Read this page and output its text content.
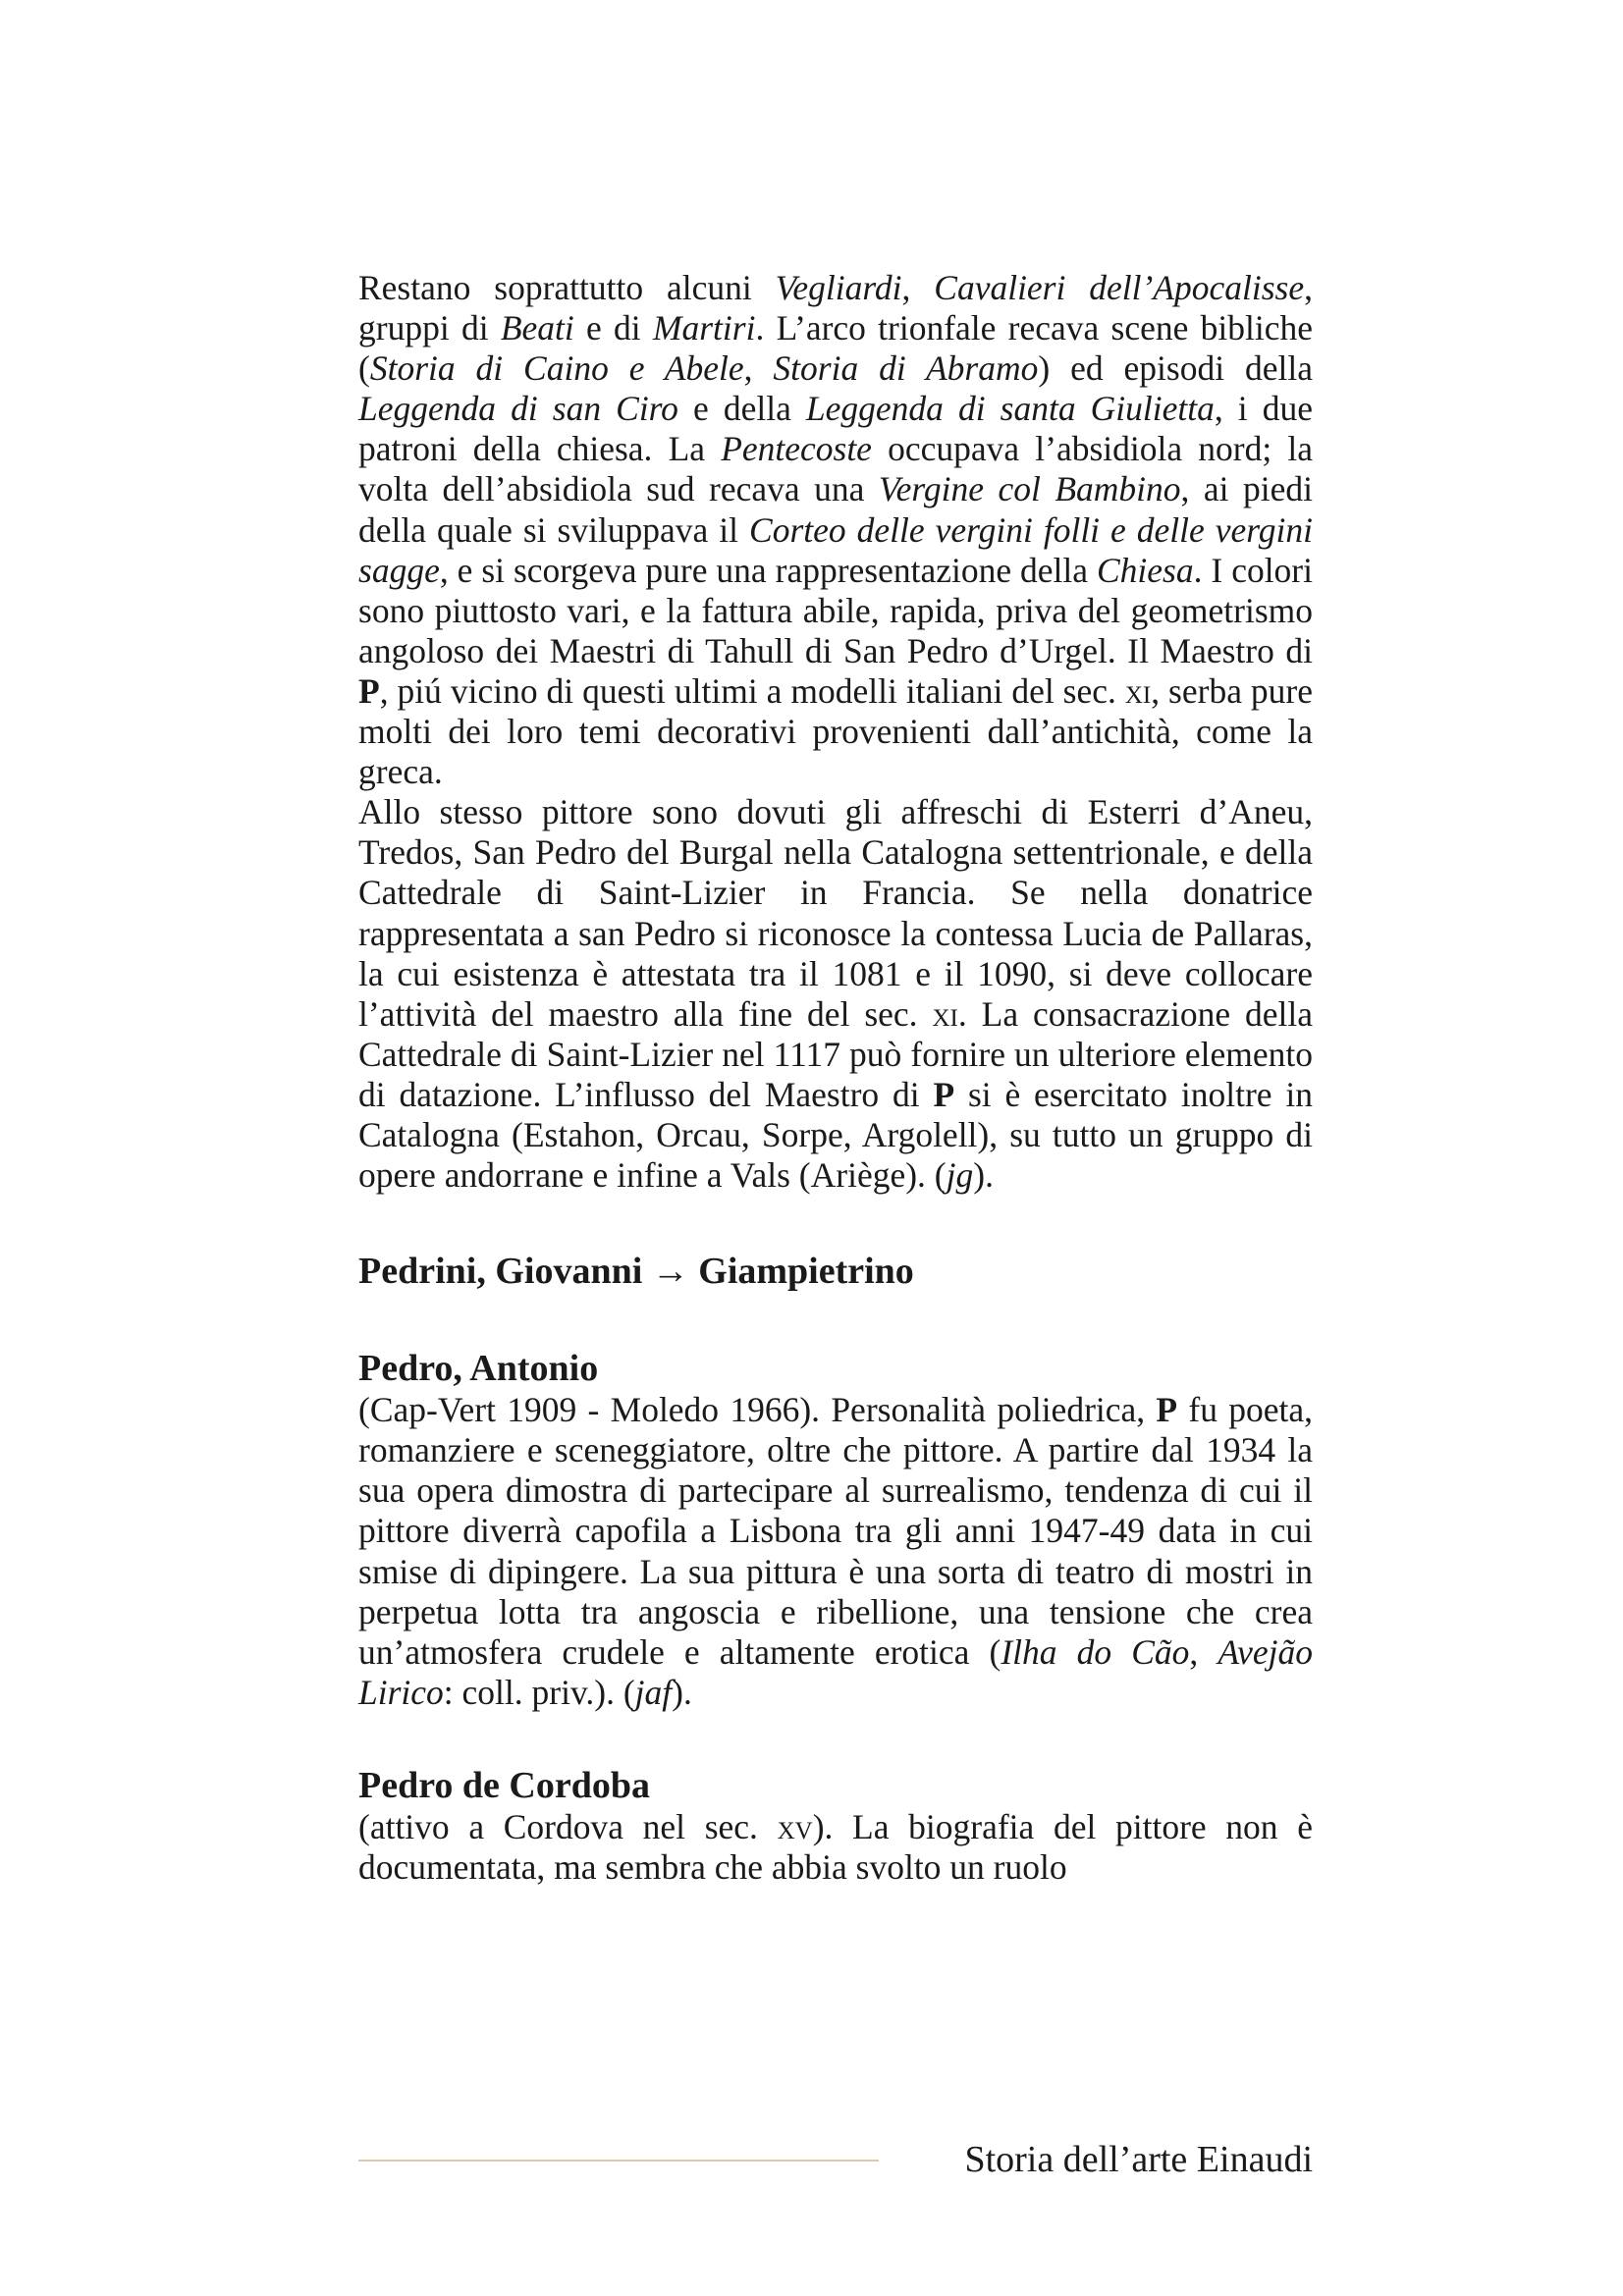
Restano soprattutto alcuni Vegliardi, Cavalieri dell’Apocalisse, gruppi di Beati e di Martiri. L’arco trionfale recava scene bibliche (Storia di Caino e Abele, Storia di Abramo) ed episodi della Leggenda di san Ciro e della Leggenda di santa Giulietta, i due patroni della chiesa. La Pentecoste occupava l’absidiola nord; la volta dell’absidiola sud recava una Vergine col Bambino, ai piedi della quale si sviluppava il Corteo delle vergini folli e delle vergini sagge, e si scorgeva pure una rappresentazione della Chiesa. I colori sono piuttosto vari, e la fattura abile, rapida, priva del geometrismo angoloso dei Maestri di Tahull di San Pedro d’Urgel. Il Maestro di P, piú vicino di questi ultimi a modelli italiani del sec. xi, serba pure molti dei loro temi decorativi provenienti dall’antichità, come la greca.

Allo stesso pittore sono dovuti gli affreschi di Esterri d’Aneu, Tredos, San Pedro del Burgal nella Catalogna settentrionale, e della Cattedrale di Saint-Lizier in Francia. Se nella donatrice rappresentata a san Pedro si riconosce la contessa Lucia de Pallaras, la cui esistenza è attestata tra il 1081 e il 1090, si deve collocare l’attività del maestro alla fine del sec. xi. La consacrazione della Cattedrale di Saint-Lizier nel 1117 può fornire un ulteriore elemento di datazione. L’influsso del Maestro di P si è esercitato inoltre in Catalogna (Estahon, Orcau, Sorpe, Argolell), su tutto un gruppo di opere andorrane e infine a Vals (Ariège). (jg).

Pedrini, Giovanni → Giampietrino
Pedro, Antonio

(Cap-Vert 1909 - Moledo 1966). Personalità poliedrica, P fu poeta, romanziere e sceneggiatore, oltre che pittore. A partire dal 1934 la sua opera dimostra di partecipare al surrealismo, tendenza di cui il pittore diverrà capofila a Lisbona tra gli anni 1947-49 data in cui smise di dipingere. La sua pittura è una sorta di teatro di mostri in perpetua lotta tra angoscia e ribellione, una tensione che crea un’atmosfera crudele e altamente erotica (Ilha do Cão, Avejão Lirico: coll. priv.). (jaf).

Pedro de Cordoba

(attivo a Cordova nel sec. xv). La biografia del pittore non è documentata, ma sembra che abbia svolto un ruolo

Storia dell’arte Einaudi
